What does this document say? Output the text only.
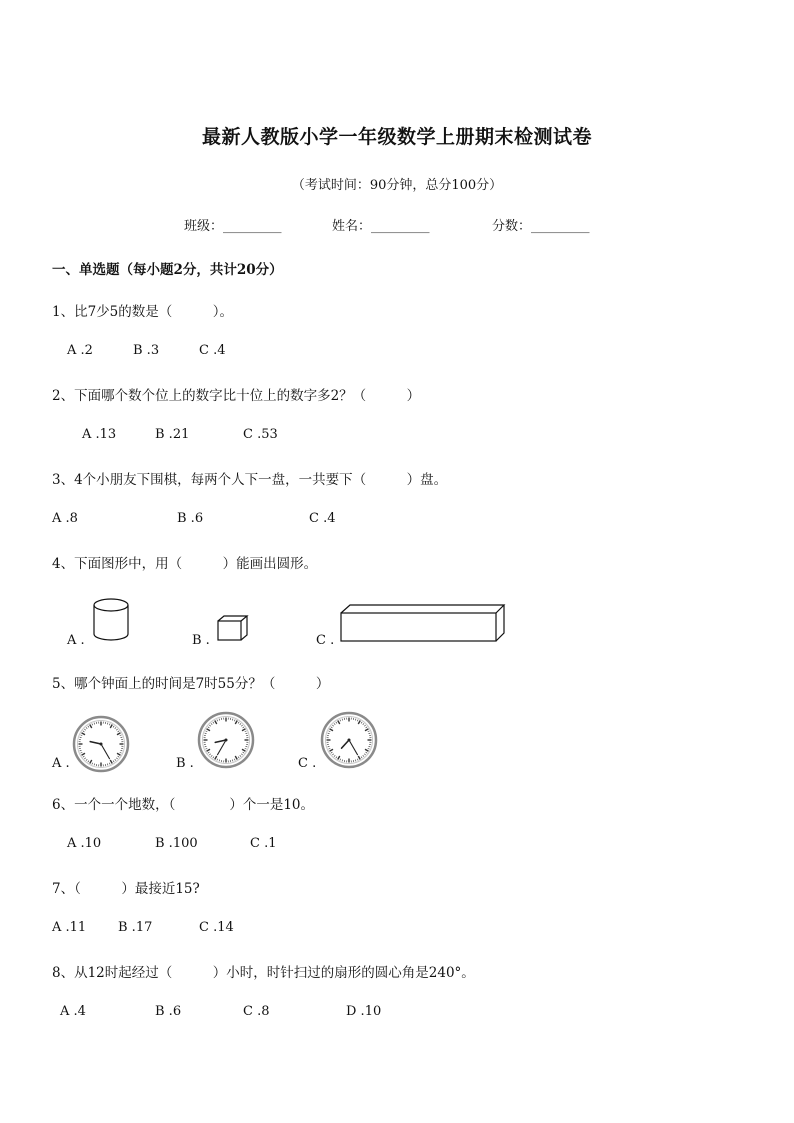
最新人教版小学一年级数学上册期末检测试卷
（考试时间：90分钟，总分100分）
班级：_________	姓名：_________	分数：_________
一、单选题（每小题2分，共计20分）
1、比7少5的数是（　　　）。
A .2	B .3	C .4
2、下面哪个数个位上的数字比十位上的数字多2？（　　　）
A .13	B .21	C .53
3、4个小朋友下围棋，每两个人下一盘，一共要下（　　　）盘。
A .8	B .6	C .4
4、下面图形中，用（　　　）能画出圆形。
A .	B .	C .
5、哪个钟面上的时间是7时55分？（　　　）
A .	B .	C .
6、一个一个地数，（　　　　）个一是10。
A .10	B .100	C .1
7、（　　　）最接近15?
A .11 B .17	C .14
8、从12时起经过（　　　）小时，时针扫过的扇形的圆心角是240°。
A .4	B .6	C .8	D .10
